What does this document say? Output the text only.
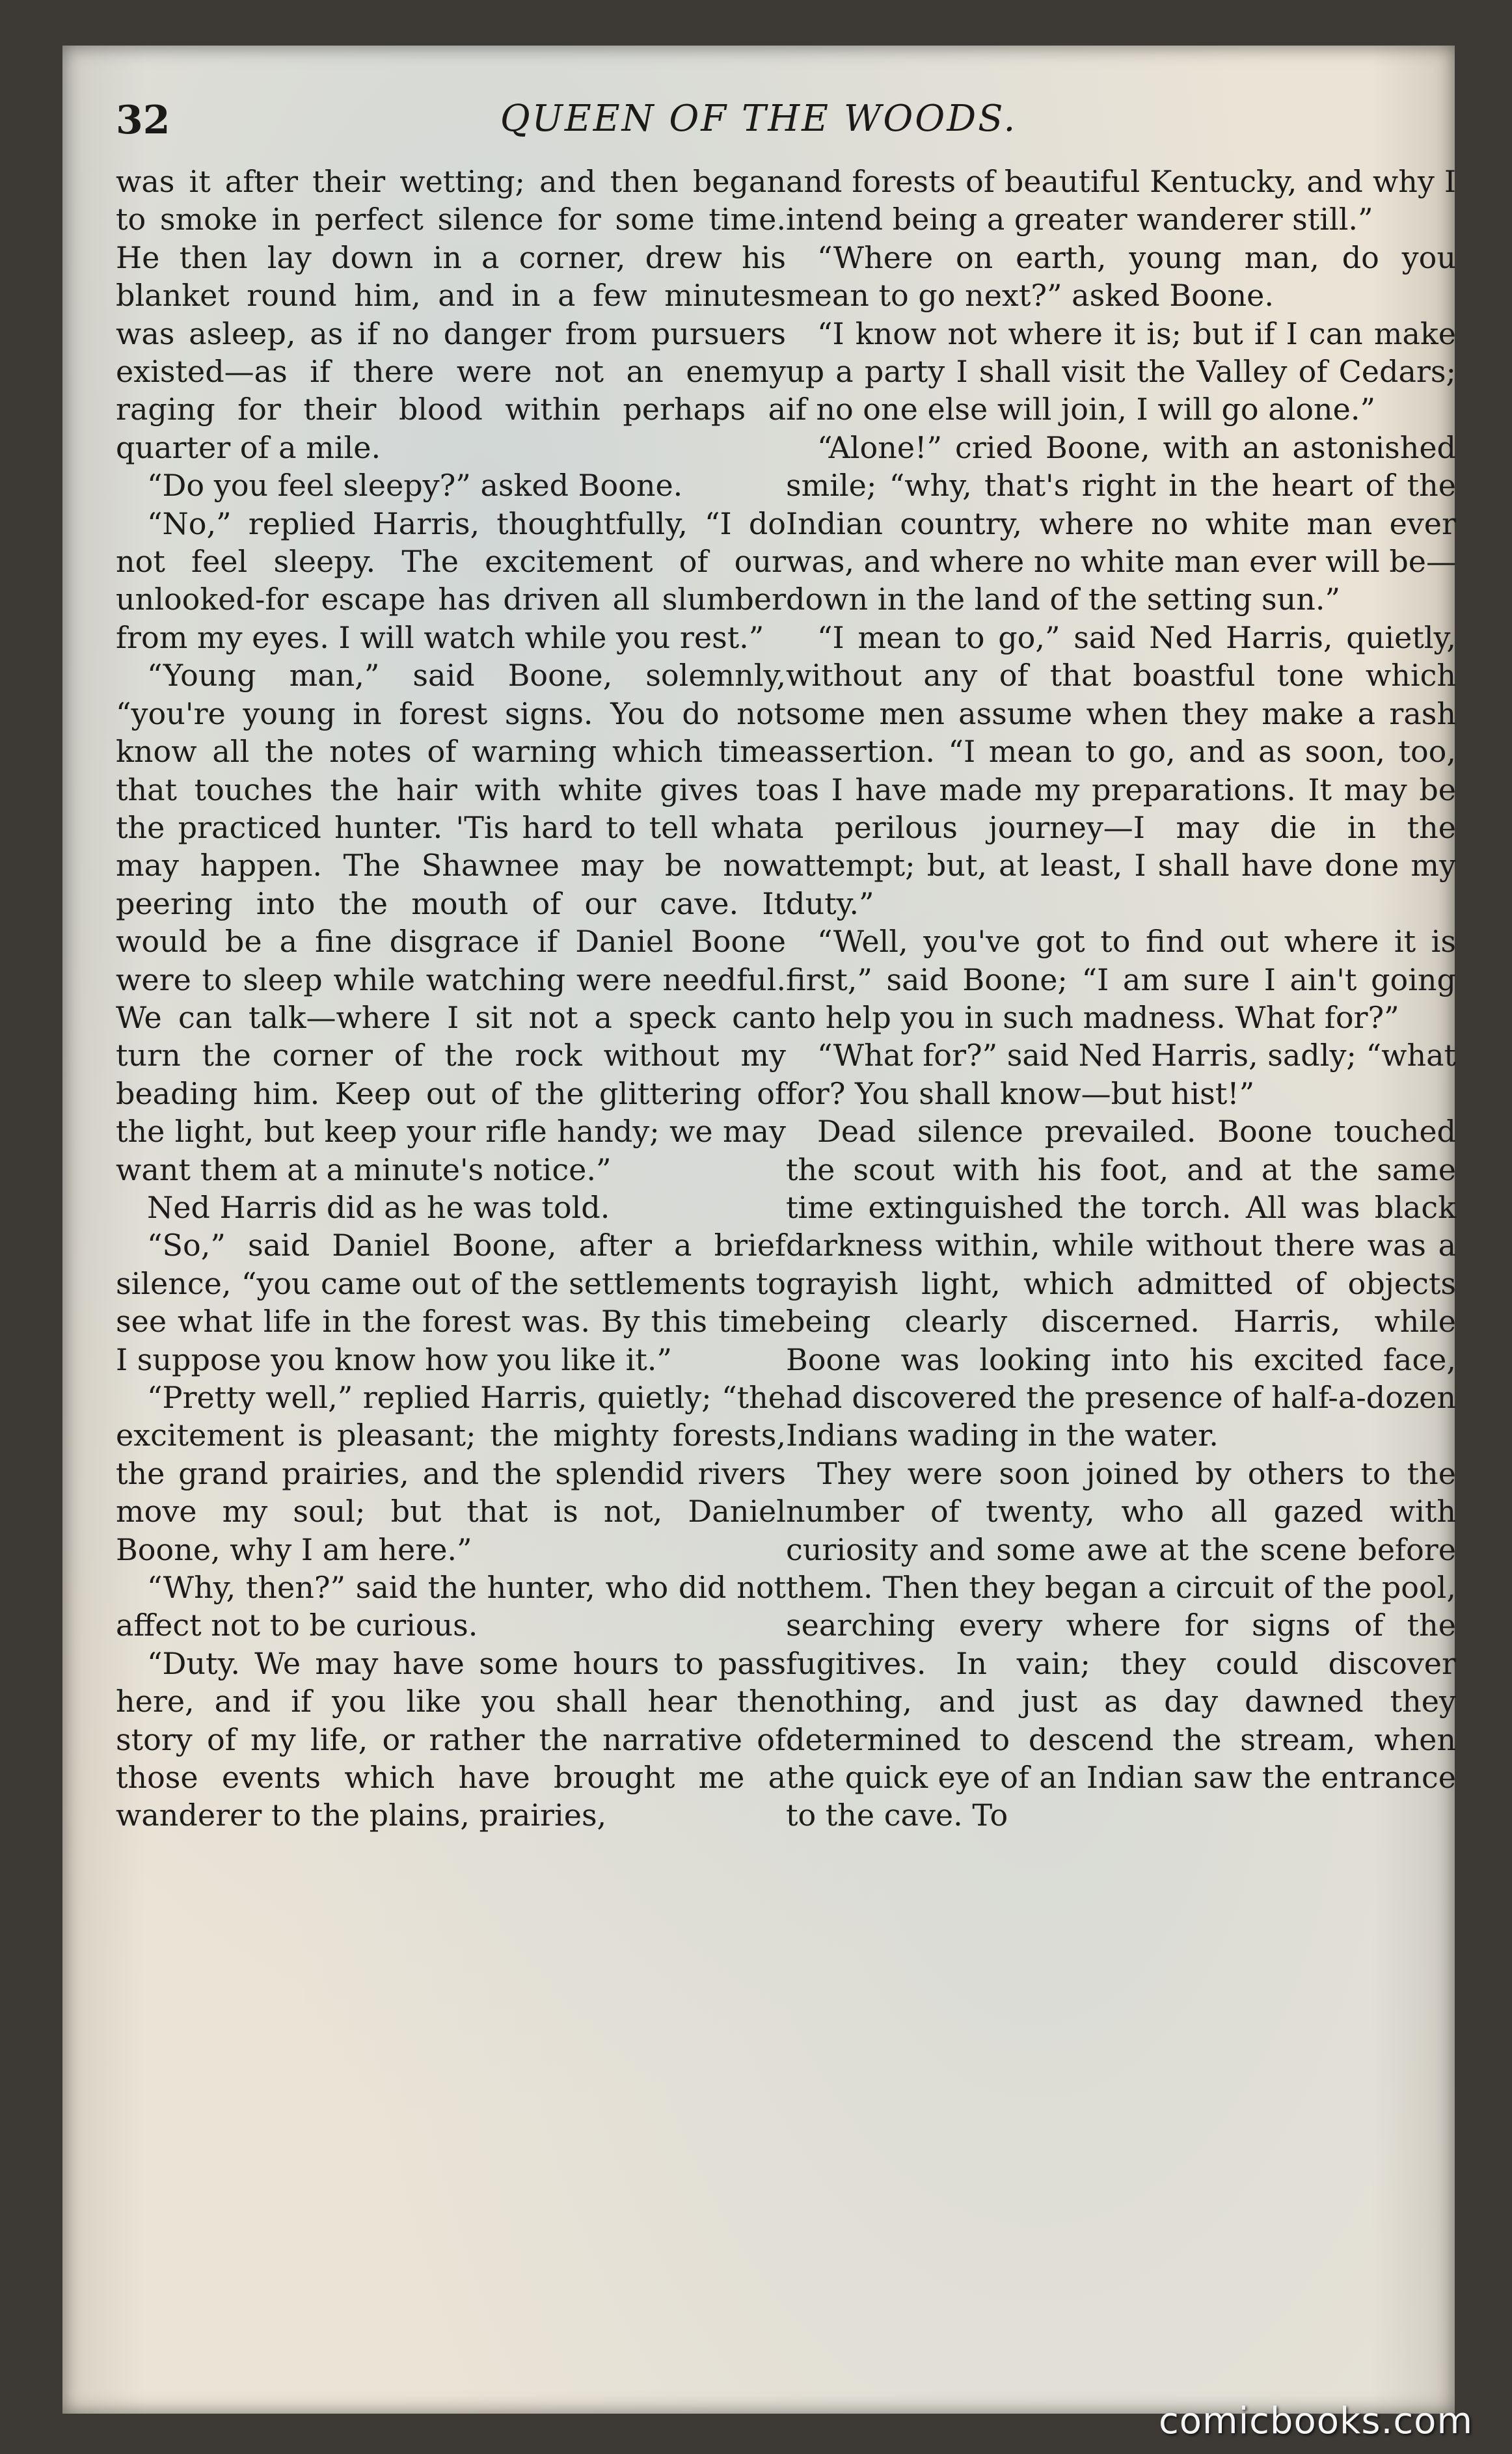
32	QUEEN OF THE WOODS.

was it after their wetting; and then began to smoke in perfect silence for some time. He then lay down in a corner, drew his blanket round him, and in a few minutes was asleep, as if no danger from pursuers existed—as if there were not an enemy raging for their blood within perhaps a quarter of a mile.

“Do you feel sleepy?” asked Boone.

“No,” replied Harris, thoughtfully, “I do not feel sleepy. The excitement of our unlooked-for escape has driven all slumber from my eyes. I will watch while you rest.”

“Young man,” said Boone, solemnly, “you're young in forest signs. You do not know all the notes of warning which time that touches the hair with white gives to the practiced hunter. 'Tis hard to tell what may happen. The Shawnee may be now peering into the mouth of our cave. It would be a fine disgrace if Daniel Boone were to sleep while watching were needful. We can talk—where I sit not a speck can turn the corner of the rock without my beading him. Keep out of the glittering of the light, but keep your rifle handy; we may want them at a minute's notice.”

Ned Harris did as he was told.

“So,” said Daniel Boone, after a brief silence, “you came out of the settlements to see what life in the forest was. By this time I suppose you know how you like it.”

“Pretty well,” replied Harris, quietly; “the excitement is pleasant; the mighty forests, the grand prairies, and the splendid rivers move my soul; but that is not, Daniel Boone, why I am here.”

“Why, then?” said the hunter, who did not affect not to be curious.

“Duty. We may have some hours to pass here, and if you like you shall hear the story of my life, or rather the narrative of those events which have brought me a wanderer to the plains, prairies,

and forests of beautiful Kentucky, and why I intend being a greater wanderer still.”

“Where on earth, young man, do you mean to go next?” asked Boone.

“I know not where it is; but if I can make up a party I shall visit the Valley of Cedars; if no one else will join, I will go alone.”

“Alone!” cried Boone, with an astonished smile; “why, that's right in the heart of the Indian country, where no white man ever was, and where no white man ever will be—down in the land of the setting sun.”

“I mean to go,” said Ned Harris, quietly, without any of that boastful tone which some men assume when they make a rash assertion. “I mean to go, and as soon, too, as I have made my preparations. It may be a perilous journey—I may die in the attempt; but, at least, I shall have done my duty.”

“Well, you've got to find out where it is first,” said Boone; “I am sure I ain't going to help you in such madness. What for?”

“What for?” said Ned Harris, sadly; “what for? You shall know—but hist!”

Dead silence prevailed. Boone touched the scout with his foot, and at the same time extinguished the torch. All was black darkness within, while without there was a grayish light, which admitted of objects being clearly discerned. Harris, while Boone was looking into his excited face, had discovered the presence of half-a-dozen Indians wading in the water.

They were soon joined by others to the number of twenty, who all gazed with curiosity and some awe at the scene before them. Then they began a circuit of the pool, searching every where for signs of the fugitives. In vain; they could discover nothing, and just as day dawned they determined to descend the stream, when the quick eye of an Indian saw the entrance to the cave. To

comicbooks.com
